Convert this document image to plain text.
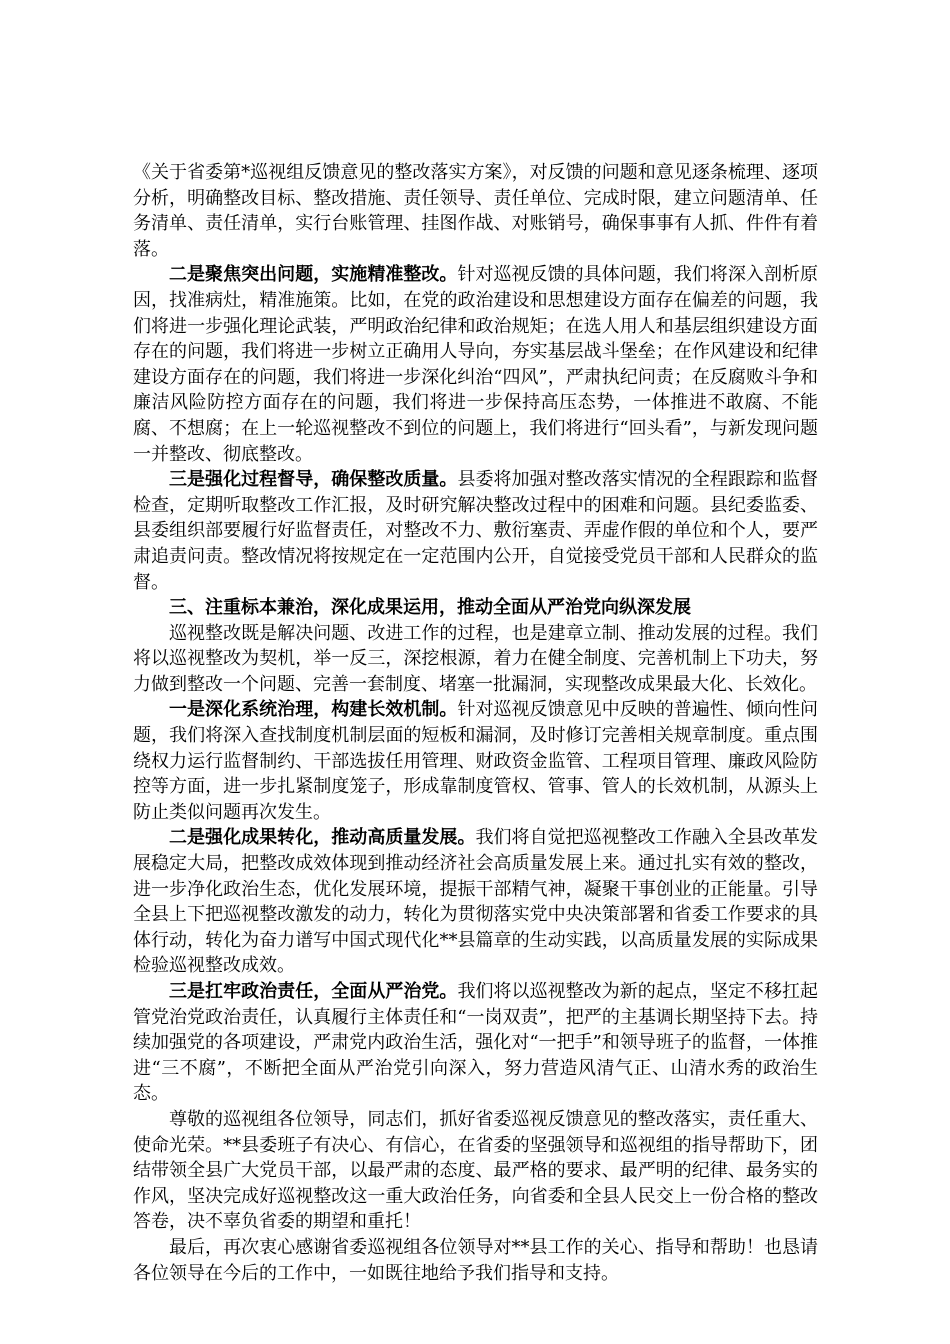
《关于省委第*巡视组反馈意见的整改落实方案》，对反馈的问题和意见逐条梳理、逐项分析，明确整改目标、整改措施、责任领导、责任单位、完成时限，建立问题清单、任务清单、责任清单，实行台账管理、挂图作战、对账销号，确保事事有人抓、件件有着落。

二是聚焦突出问题，实施精准整改。针对巡视反馈的具体问题，我们将深入剖析原因，找准病灶，精准施策。比如，在党的政治建设和思想建设方面存在偏差的问题，我们将进一步强化理论武装，严明政治纪律和政治规矩；在选人用人和基层组织建设方面存在的问题，我们将进一步树立正确用人导向，夯实基层战斗堡垒；在作风建设和纪律建设方面存在的问题，我们将进一步深化纠治“四风”，严肃执纪问责；在反腐败斗争和廉洁风险防控方面存在的问题，我们将进一步保持高压态势，一体推进不敢腐、不能腐、不想腐；在上一轮巡视整改不到位的问题上，我们将进行“回头看”，与新发现问题一并整改、彻底整改。

三是强化过程督导，确保整改质量。县委将加强对整改落实情况的全程跟踪和监督检查，定期听取整改工作汇报，及时研究解决整改过程中的困难和问题。县纪委监委、县委组织部要履行好监督责任，对整改不力、敷衍塞责、弄虚作假的单位和个人，要严肃追责问责。整改情况将按规定在一定范围内公开，自觉接受党员干部和人民群众的监督。

三、注重标本兼治，深化成果运用，推动全面从严治党向纵深发展

巡视整改既是解决问题、改进工作的过程，也是建章立制、推动发展的过程。我们将以巡视整改为契机，举一反三，深挖根源，着力在健全制度、完善机制上下功夫，努力做到整改一个问题、完善一套制度、堵塞一批漏洞，实现整改成果最大化、长效化。

一是深化系统治理，构建长效机制。针对巡视反馈意见中反映的普遍性、倾向性问题，我们将深入查找制度机制层面的短板和漏洞，及时修订完善相关规章制度。重点围绕权力运行监督制约、干部选拔任用管理、财政资金监管、工程项目管理、廉政风险防控等方面，进一步扎紧制度笼子，形成靠制度管权、管事、管人的长效机制，从源头上防止类似问题再次发生。

二是强化成果转化，推动高质量发展。我们将自觉把巡视整改工作融入全县改革发展稳定大局，把整改成效体现到推动经济社会高质量发展上来。通过扎实有效的整改，进一步净化政治生态，优化发展环境，提振干部精气神，凝聚干事创业的正能量。引导全县上下把巡视整改激发的动力，转化为贯彻落实党中央决策部署和省委工作要求的具体行动，转化为奋力谱写中国式现代化**县篇章的生动实践，以高质量发展的实际成果检验巡视整改成效。

三是扛牢政治责任，全面从严治党。我们将以巡视整改为新的起点，坚定不移扛起管党治党政治责任，认真履行主体责任和“一岗双责”，把严的主基调长期坚持下去。持续加强党的各项建设，严肃党内政治生活，强化对“一把手”和领导班子的监督，一体推进“三不腐”，不断把全面从严治党引向深入，努力营造风清气正、山清水秀的政治生态。

尊敬的巡视组各位领导，同志们，抓好省委巡视反馈意见的整改落实，责任重大、使命光荣。**县委班子有决心、有信心，在省委的坚强领导和巡视组的指导帮助下，团结带领全县广大党员干部，以最严肃的态度、最严格的要求、最严明的纪律、最务实的作风，坚决完成好巡视整改这一重大政治任务，向省委和全县人民交上一份合格的整改答卷，决不辜负省委的期望和重托！

最后，再次衷心感谢省委巡视组各位领导对**县工作的关心、指导和帮助！也恳请各位领导在今后的工作中，一如既往地给予我们指导和支持。
